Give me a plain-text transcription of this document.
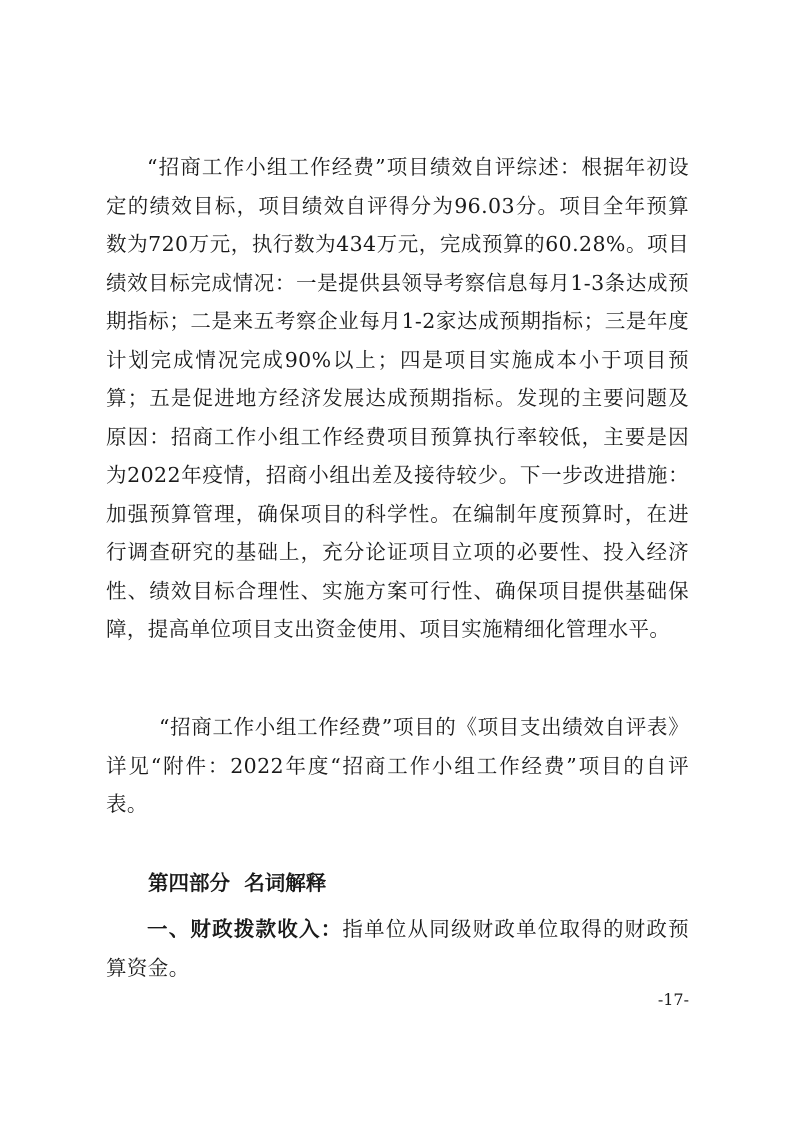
“招商工作小组工作经费”项目绩效自评综述：根据年初设定的绩效目标，项目绩效自评得分为96.03分。项目全年预算数为720万元，执行数为434万元，完成预算的60.28%。项目绩效目标完成情况：一是提供县领导考察信息每月1-3条达成预期指标；二是来五考察企业每月1-2家达成预期指标；三是年度计划完成情况完成90%以上；四是项目实施成本小于项目预算；五是促进地方经济发展达成预期指标。发现的主要问题及原因：招商工作小组工作经费项目预算执行率较低，主要是因为2022年疫情，招商小组出差及接待较少。下一步改进措施：加强预算管理，确保项目的科学性。在编制年度预算时，在进行调查研究的基础上，充分论证项目立项的必要性、投入经济性、绩效目标合理性、实施方案可行性、确保项目提供基础保障，提高单位项目支出资金使用、项目实施精细化管理水平。

“招商工作小组工作经费”项目的《项目支出绩效自评表》详见“附件：2022年度“招商工作小组工作经费”项目的自评表。

第四部分  名词解释

一、财政拨款收入：指单位从同级财政单位取得的财政预算资金。

-17-
